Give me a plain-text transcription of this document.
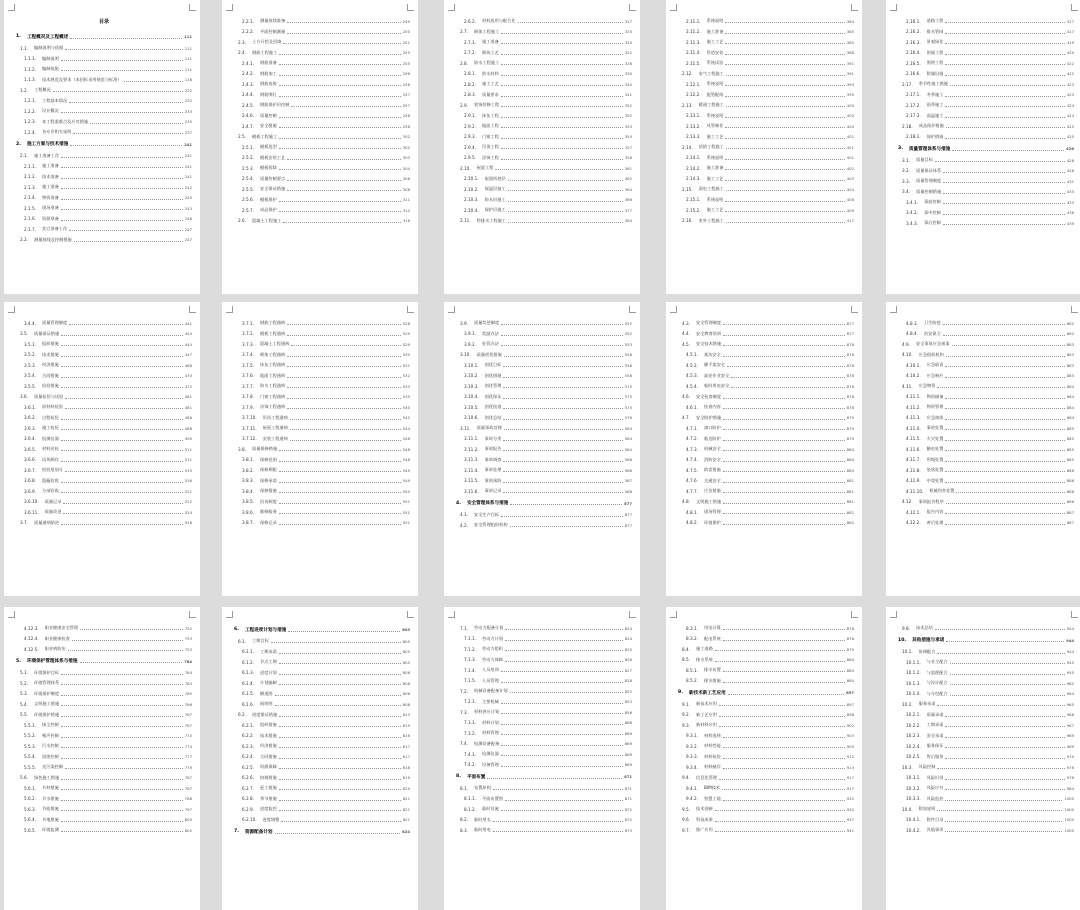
目录
1. 工程概况及工程概述	111
1.1. 编制说明与依据	111
1.1.1. 编制说明	111
1.1.2. 编制依据	111
1.1.3. 技术规范及要求（本招标采用规范与标准）	118
1.2. 工程概况	232
1.2.1. 工程基本情况	232
1.2.2. 设计概况	233
1.2.3. 本工程重难点及应对措施	235
1.2.4. 各专业相关说明	237
2. 施工方案与技术措施	241
2.1. 施工准备工作	241
2.1.1. 施工准备	241
2.1.2. 技术准备	241
2.1.3. 施工准备	242
2.1.4. 物资准备	243
2.1.5. 现场准备	243
2.1.6. 资源准备	246
2.1.7. 其它准备工作	247
2.2. 测量放线及控制措施	247
2.2.1. 测量放线准备	249
2.2.2. 平面控制测量	250
2.3. 土方开挖及回填	251
2.4. 钢筋工程施工	255
2.4.1. 钢筋准备	255
2.4.2. 钢筋加工	256
2.4.3. 钢筋连接	256
2.4.4. 钢筋绑扎	257
2.4.5. 钢筋保护层控制	257
2.4.6. 质量控制	258
2.4.7. 安全措施	258
2.5. 模板工程施工	302
2.5.1. 模板选型	302
2.5.2. 模板安装工艺	303
2.5.3. 模板拆除	304
2.5.4. 质量控制要点	308
2.5.5. 安全保证措施	308
2.5.6. 模板维护	311
2.5.7. 成品保护	312
2.6. 混凝土工程施工	318
2.6.2. 材料选用与配合比	317
2.7. 砌体工程施工	320
2.7.1. 施工准备	320
2.7.2. 砌筑工艺	322
2.8. 防水工程施工	328
2.8.1. 防水材料	330
2.8.2. 施工工艺	340
2.8.3. 质量要求	341
2.9. 装饰装修工程	352
2.9.1. 抹灰工程	352
2.9.2. 地面工程	353
2.9.3. 门窗工程	354
2.9.4. 吊顶工程	357
2.9.5. 涂饰工程	358
2.10. 屋面工程	361
2.10.1. 屋面找坡层	362
2.10.2. 保温层施工	364
2.10.3. 防水层施工	366
2.10.4. 保护层施工	377
2.11. 给排水工程施工	384
2.11.1. 系统说明	384
2.11.2. 施工准备	385
2.11.3. 施工工艺	385
2.11.4. 管道安装	388
2.11.5. 系统试验	391
2.12. 电气工程施工	391
2.12.1. 系统说明	393
2.12.2. 配管配线	395
2.13. 暖通工程施工	400
2.13.1. 系统说明	400
2.13.2. 风管制作	400
2.13.3. 施工工艺	401
2.14. 消防工程施工	401
2.14.1. 系统说明	401
2.14.2. 施工准备	402
2.14.3. 施工工艺	403
2.15. 弱电工程施工	404
2.15.1. 系统说明	408
2.15.2. 施工工艺	409
2.16. 室外工程施工	417
2.16.1. 道路工程	417
2.16.2. 排水管网	417
2.16.3. 景观绿化	419
2.16.4. 围墙工程	420
2.16.5. 照明工程	422
2.16.6. 附属设施	422
2.17. 季节性施工措施	423
2.17.1. 冬季施工	423
2.17.2. 雨季施工	424
2.17.3. 高温施工	424
2.18. 成品保护措施	425
2.18.1. 保护措施	425
3. 质量管理体系与措施	428
3.1. 质量目标	428
3.2. 质量保证体系	428
3.3. 质量管理制度	431
3.4. 质量控制措施	433
3.4.1. 事前控制	433
3.4.2. 事中控制	436
3.4.3. 事后控制	439
3.4.4. 质量管理制度	441
3.5. 质量保证措施	444
3.5.1. 组织措施	444
3.5.2. 技术措施	447
3.5.3. 经济措施	468
3.5.4. 合同措施	470
3.5.5. 检验措施	472
3.6. 质量检验与试验	481
3.6.1. 原材料检验	481
3.6.2. 过程检验	486
3.6.3. 竣工检验	488
3.6.4. 检测仪器	490
3.6.5. 材料送检	511
3.6.6. 试块制作	511
3.6.7. 检验批划分	515
3.6.8. 隐蔽验收	516
3.6.9. 分部验收	521
3.6.10. 质量记录	522
3.6.11. 质量改进	524
3.7. 质量通病防治	528
3.7.1. 钢筋工程通病	528
3.7.2. 模板工程通病	529
3.7.3. 混凝土工程通病	529
3.7.4. 砌体工程通病	530
3.7.5. 抹灰工程通病	531
3.7.6. 地面工程通病	532
3.7.7. 防水工程通病	533
3.7.8. 门窗工程通病	535
3.7.9. 涂饰工程通病	540
3.7.10. 吊顶工程通病	542
3.7.11. 屋面工程通病	544
3.7.12. 安装工程通病	546
3.8. 质量保修措施	548
3.8.1. 保修范围	548
3.8.2. 保修期限	549
3.8.3. 保修承诺	549
3.8.4. 保修措施	550
3.8.5. 回访制度	551
3.8.6. 维修服务	551
3.8.7. 保修记录	551
3.9. 质量奖惩制度	552
3.9.1. 奖励办法	552
3.9.2. 处罚办法	553
3.10. 质量创优措施	556
3.10.1. 创优目标	558
3.10.2. 创优措施	558
3.10.3. 创优管理	575
3.10.4. 创优保证	575
3.10.5. 创优检查	575
3.10.6. 创优总结	576
3.11. 质量事故处理	584
3.11.1. 事故分类	584
3.11.2. 事故报告	584
3.11.3. 事故调查	586
3.11.4. 事故处理	586
3.11.5. 事故预防	587
3.11.6. 事故记录	588
4. 安全管理体系与措施	877
4.1. 安全生产目标	877
4.2. 安全管理组织机构	877
4.3. 安全管理制度	877
4.4. 安全教育培训	877
4.5. 安全技术措施	878
4.5.1. 基坑安全	878
4.5.2. 脚手架安全	878
4.5.3. 高处作业安全	878
4.5.4. 临时用电安全	878
4.6. 安全检查制度	878
4.6.1. 检查内容	878
4.7. 安全防护措施	879
4.7.1. 洞口防护	879
4.7.2. 临边防护	879
4.7.3. 机械安全	880
4.7.4. 消防安全	880
4.7.5. 防雷措施	880
4.7.6. 交通安全	881
4.7.7. 应急措施	881
4.8. 文明施工措施	881
4.8.1. 现场管理	882
4.8.2. 环境保护	882
4.8.3. 卫生防疫	882
4.8.4. 治安保卫	882
4.9. 安全事故应急预案	883
4.10. 应急组织机构	883
4.10.1. 应急职责	883
4.10.2. 应急响应	883
4.11. 应急物资	884
4.11.1. 物资储备	884
4.11.2. 物资管理	884
4.11.3. 应急演练	884
4.11.4. 事故处置	885
4.11.5. 火灾处置	885
4.11.6. 触电处置	885
4.11.7. 坍塌处置	885
4.11.8. 坠落处置	886
4.11.9. 中毒处置	886
4.11.10. 机械伤害处置	886
4.12. 事故报告程序	886
4.12.1. 报告内容	887
4.12.2. 善后处理	887
4.12.3. 职业健康安全管理	752
4.12.4. 职业健康检查	753
4.12.5. 职业病防治	753
5. 环境保护管理体系与措施	764
5.1. 环境保护目标	764
5.2. 环境管理体系	764
5.3. 环境保护制度	765
5.4. 文明施工措施	766
5.5. 环境保护措施	767
5.5.1. 扬尘控制	767
5.5.2. 噪声控制	770
5.5.3. 污水控制	774
5.5.4. 固废控制	777
5.5.5. 光污染控制	779
5.6. 绿色施工措施	787
5.6.1. 节材措施	787
5.6.2. 节水措施	788
5.6.3. 节能措施	797
5.6.4. 节地措施	800
5.6.5. 环境监测	802
6. 工程进度计划与措施	805
6.1. 工期目标	805
6.1.1. 工期承诺	805
6.1.2. 节点工期	805
6.1.3. 进度计划	806
6.1.4. 计划编制	806
6.1.5. 横道图	806
6.1.6. 网络图	808
6.2. 进度保证措施	813
6.2.1. 组织措施	815
6.2.2. 技术措施	816
6.2.3. 经济措施	817
6.2.4. 合同措施	817
6.2.5. 资源保障	818
6.2.6. 协调措施	819
6.2.7. 赶工措施	820
6.2.8. 季节措施	821
6.2.9. 进度监控	821
6.2.10. 进度调整	821
7. 资源配备计划	824
7.1. 劳动力配备计划	824
7.1.1. 劳动力计划	824
7.1.2. 劳动力组织	825
7.1.3. 劳动力保障	826
7.1.4. 人员培训	827
7.1.5. 人员管理	828
7.2. 机械设备配备计划	852
7.2.1. 主要机械	853
7.3. 材料供应计划	856
7.3.1. 材料计划	868
7.3.2. 材料管理	869
7.4. 检测设备配备	869
7.4.1. 检测仪器	869
7.4.2. 设备管理	869
8. 平面布置	871
8.1. 布置原则	871
8.1.1. 平面布置图	871
8.1.2. 临时设施	872
8.2. 临时用水	872
8.3. 临时用电	873
8.3.1. 用电计算	878
8.3.2. 配电系统	878
8.4. 施工道路	879
8.5. 排水系统	880
8.5.1. 排水布置	880
8.5.2. 排水措施	880
9. 新技术新工艺应用	897
9.1. 新技术应用	897
9.2. 新工艺应用	898
9.3. 新材料应用	902
9.3.1. 材料选择	903
9.3.2. 材料性能	905
9.3.3. 材料检验	912
9.3.4. 材料储存	913
9.4. 信息化管理	917
9.4.1. BIM技术	917
9.4.2. 智慧工地	932
9.5. 技术创新	932
9.6. 科技成果	937
9.7. 推广应用	941
9.8. 技术总结	944
10. 其他措施与承诺	944
10.1. 协调配合	944
10.1.1. 与业主配合	945
10.1.2. 与监理配合	955
10.1.3. 与设计配合	962
10.1.4. 与分包配合	964
10.2. 服务承诺	965
10.2.1. 质量承诺	966
10.2.2. 工期承诺	967
10.2.3. 安全承诺	969
10.2.4. 服务保证	969
10.2.5. 售后服务	970
10.3. 风险控制	976
10.3.1. 风险识别	976
10.3.2. 风险应对	984
10.3.3. 风险监控	1000
10.4. 附加说明	1000
10.4.1. 附件目录	1000
10.4.2. 其他事项	1000
